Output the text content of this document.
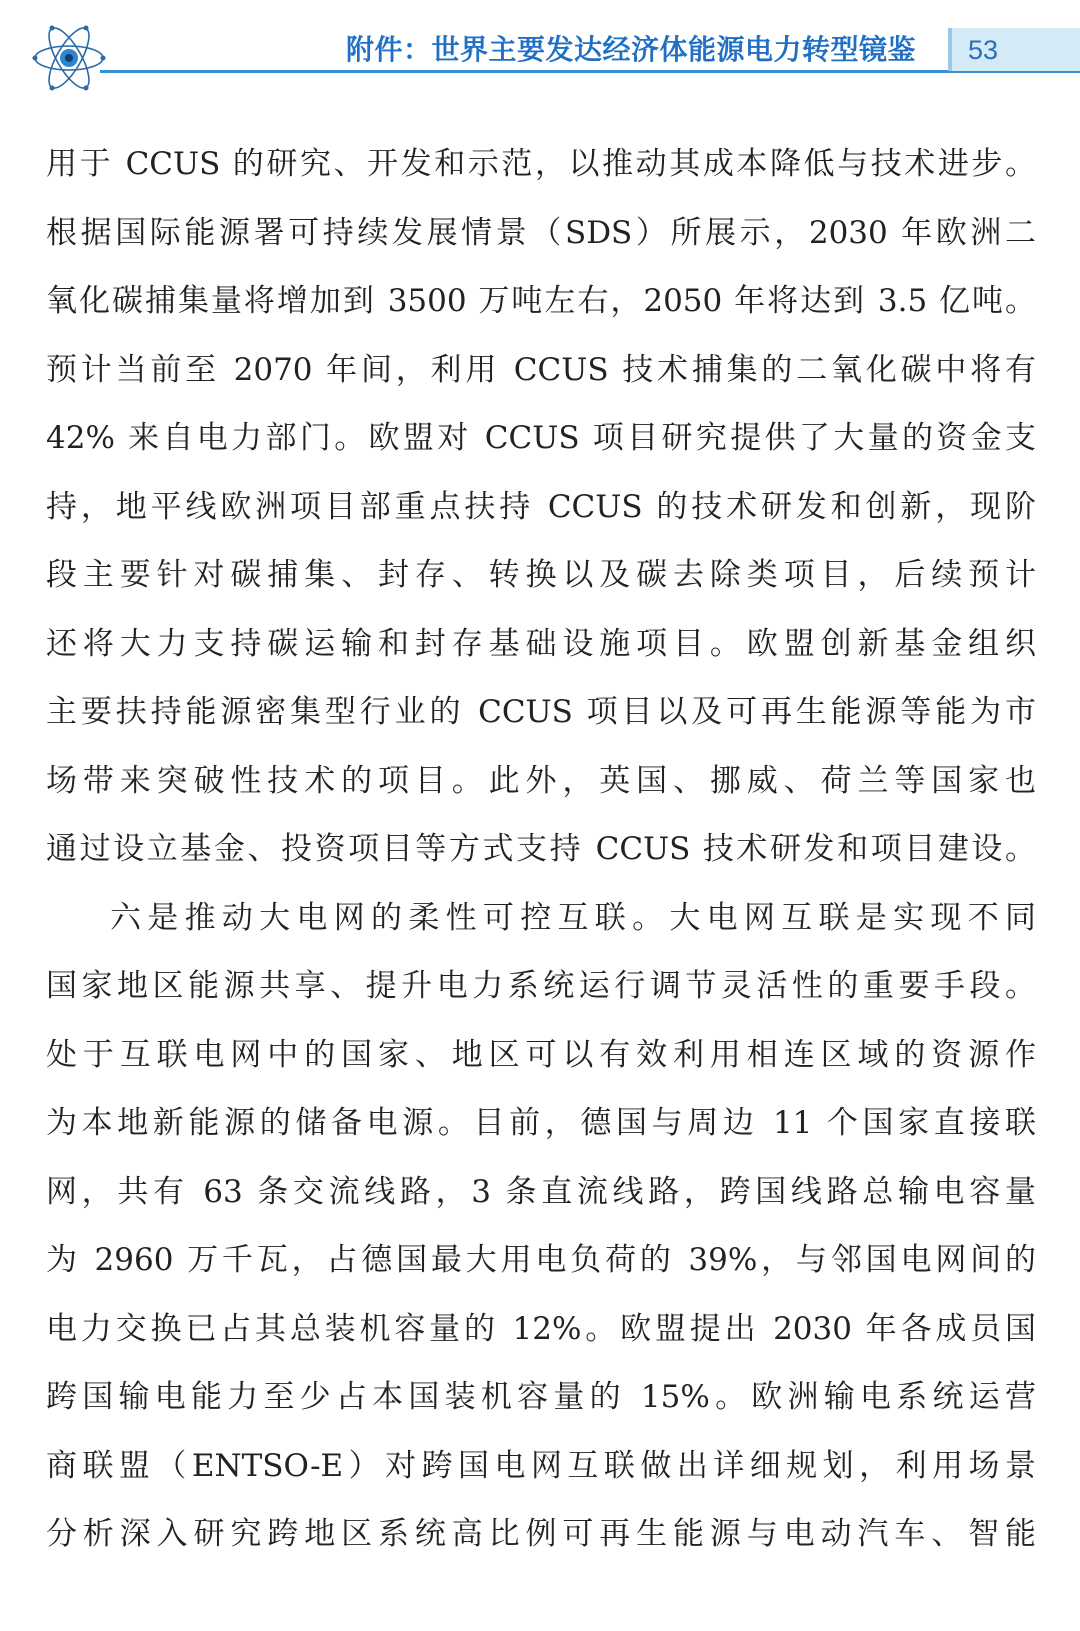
附件：世界主要发达经济体能源电力转型镜鉴 53
用于 CCUS 的研究、开发和示范，以推动其成本降低与技术进步。
根据国际能源署可持续发展情景（SDS）所展示，2030 年欧洲二
氧化碳捕集量将增加到 3500 万吨左右，2050 年将达到 3.5 亿吨。
预计当前至 2070 年间，利用 CCUS 技术捕集的二氧化碳中将有
42% 来自电力部门。欧盟对 CCUS 项目研究提供了大量的资金支
持，地平线欧洲项目部重点扶持 CCUS 的技术研发和创新，现阶
段主要针对碳捕集、封存、转换以及碳去除类项目，后续预计
还将大力支持碳运输和封存基础设施项目。欧盟创新基金组织
主要扶持能源密集型行业的 CCUS 项目以及可再生能源等能为市
场带来突破性技术的项目。此外，英国、挪威、荷兰等国家也
通过设立基金、投资项目等方式支持 CCUS 技术研发和项目建设。
六是推动大电网的柔性可控互联。大电网互联是实现不同
国家地区能源共享、提升电力系统运行调节灵活性的重要手段。
处于互联电网中的国家、地区可以有效利用相连区域的资源作
为本地新能源的储备电源。目前，德国与周边 11 个国家直接联
网，共有 63 条交流线路，3 条直流线路，跨国线路总输电容量
为 2960 万千瓦，占德国最大用电负荷的 39%，与邻国电网间的
电力交换已占其总装机容量的 12%。欧盟提出 2030 年各成员国
跨国输电能力至少占本国装机容量的 15%。欧洲输电系统运营
商联盟（ENTSO-E）对跨国电网互联做出详细规划，利用场景
分析深入研究跨地区系统高比例可再生能源与电动汽车、智能
